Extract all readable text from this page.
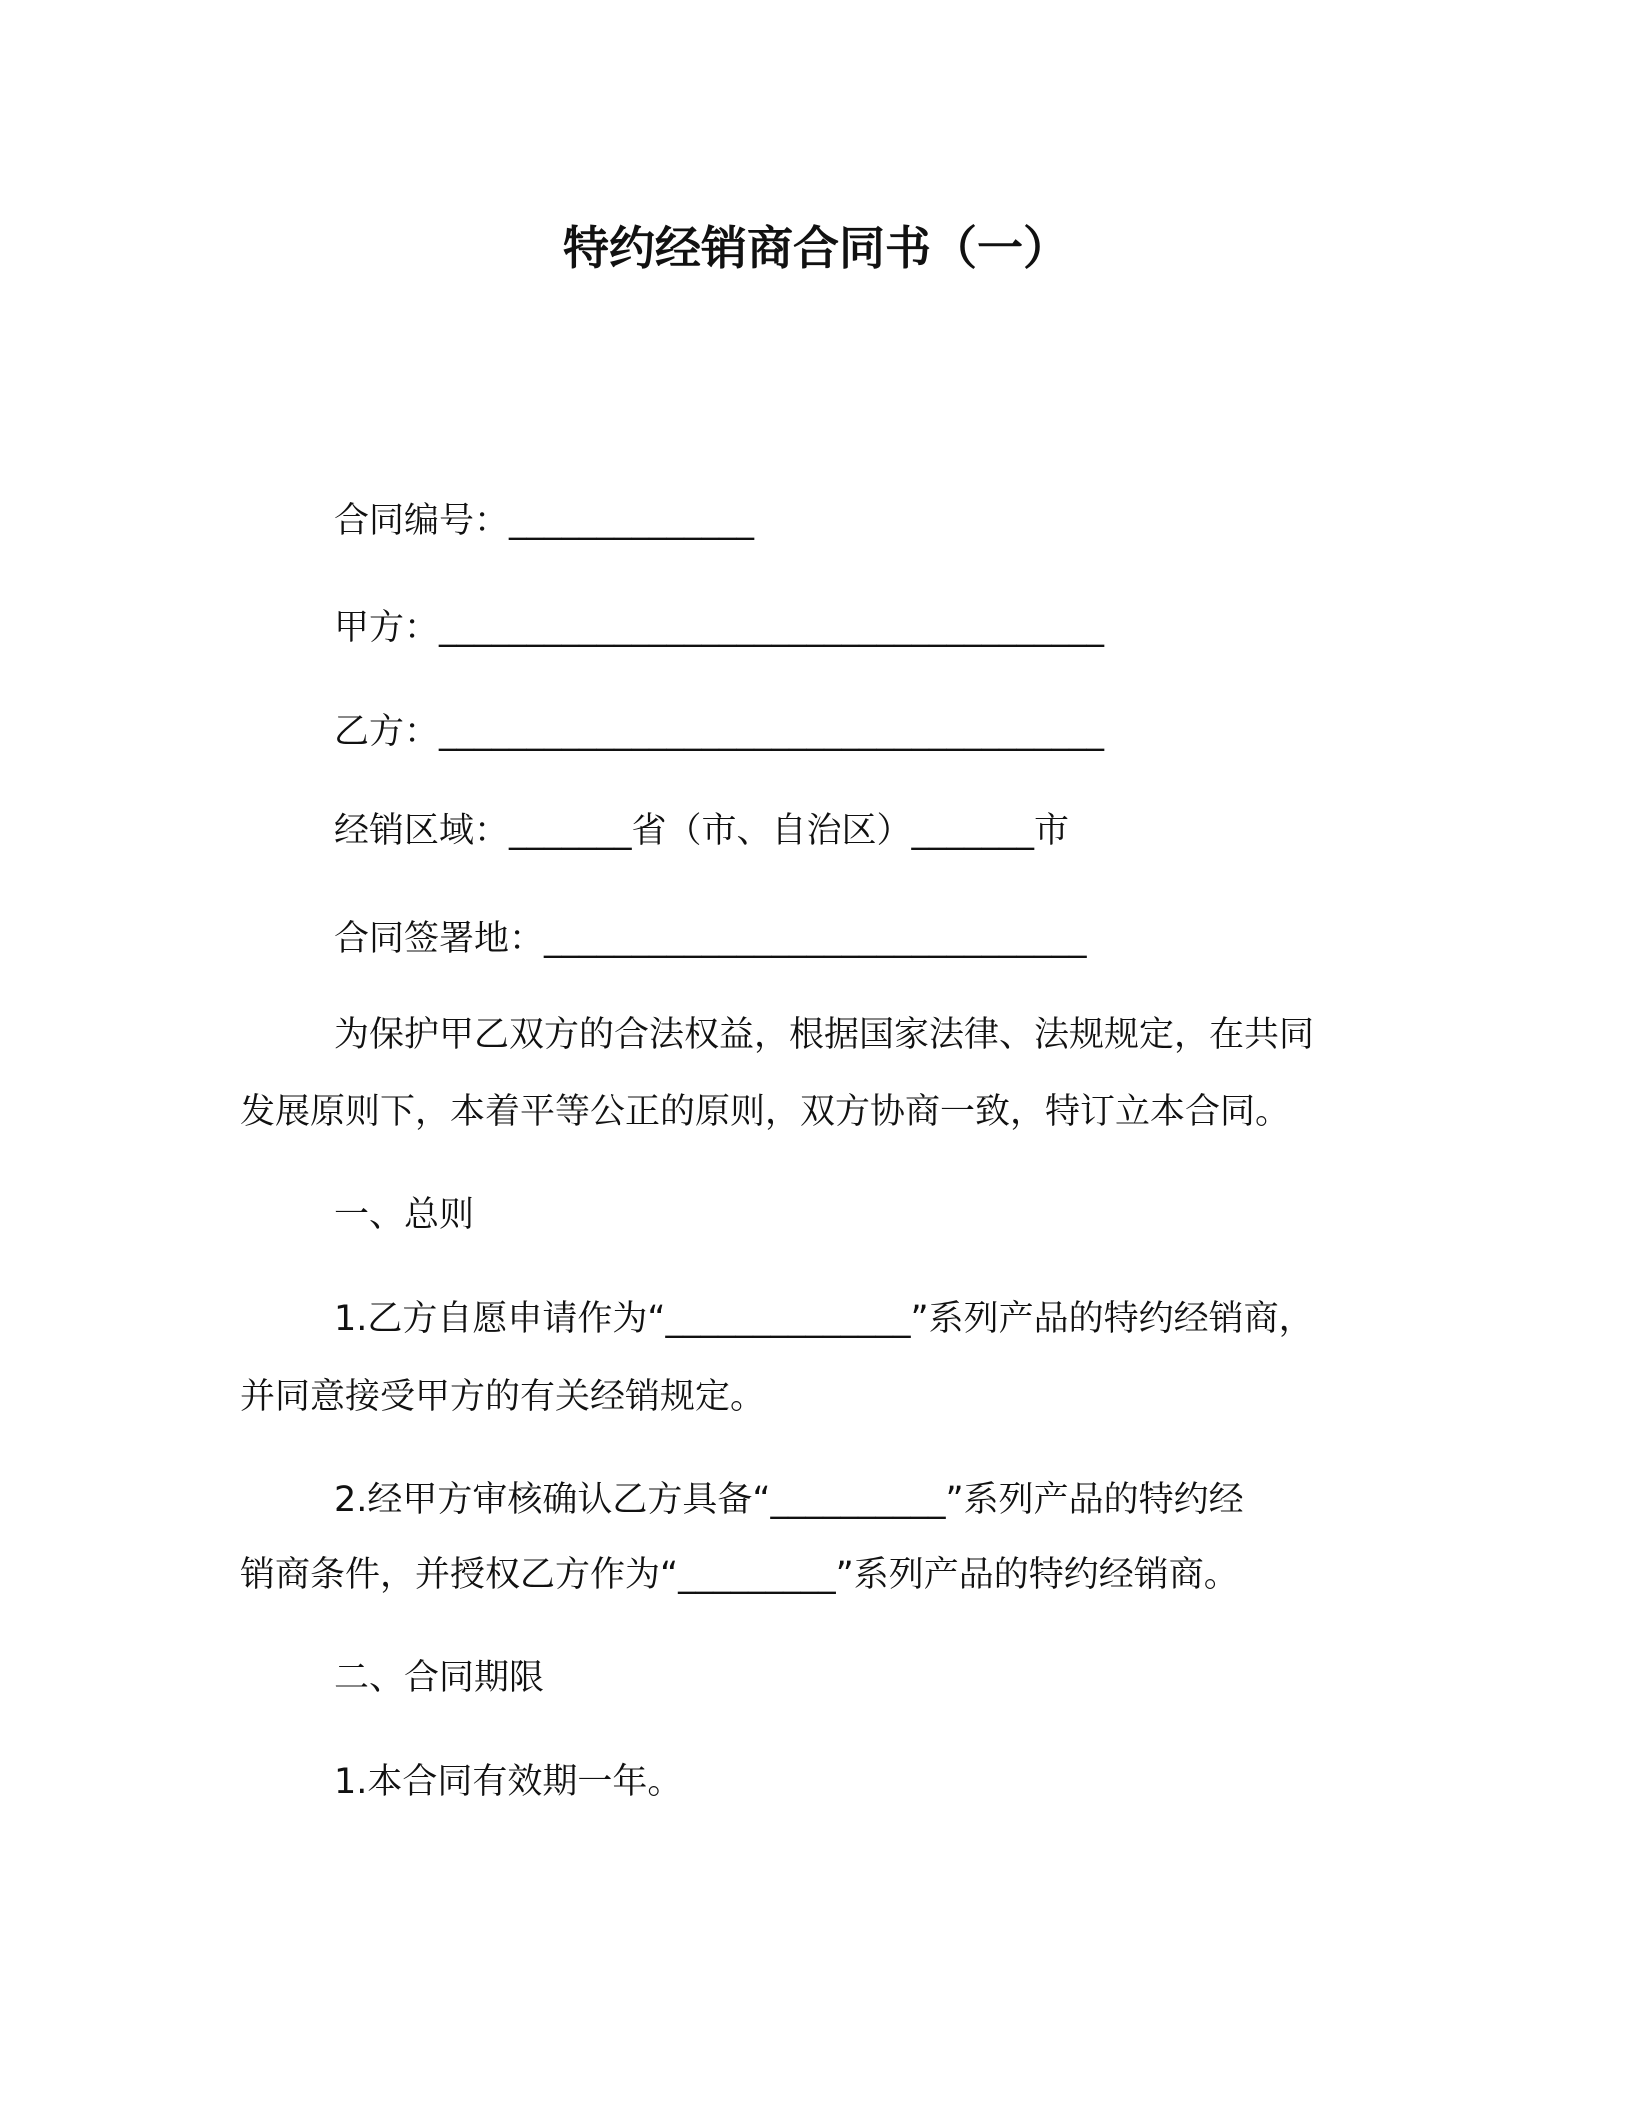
特约经销商合同书（一）
合同编号：______________
甲方：______________________________________
乙方：______________________________________
经销区域：_______省（市、自治区）_______市
合同签署地：_______________________________
为保护甲乙双方的合法权益，根据国家法律、法规规定，在共同
发展原则下，本着平等公正的原则，双方协商一致，特订立本合同。
一、总则
1.乙方自愿申请作为“______________”系列产品的特约经销商，
并同意接受甲方的有关经销规定。
2.经甲方审核确认乙方具备“__________”系列产品的特约经
销商条件，并授权乙方作为“_________”系列产品的特约经销商。
二、合同期限
1.本合同有效期一年。
